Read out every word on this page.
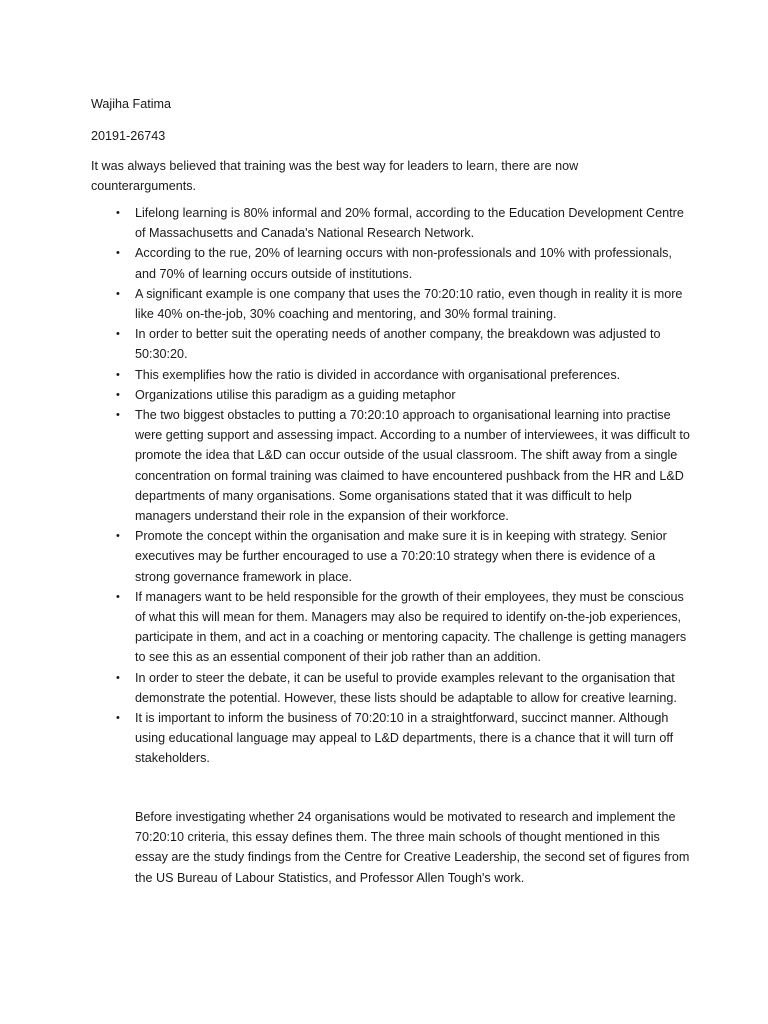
Wajiha Fatima

20191-26743

It was always believed that training was the best way for leaders to learn, there are now counterarguments.

• Lifelong learning is 80% informal and 20% formal, according to the Education Development Centre of Massachusetts and Canada's National Research Network.
• According to the rue, 20% of learning occurs with non-professionals and 10% with professionals, and 70% of learning occurs outside of institutions.
• A significant example is one company that uses the 70:20:10 ratio, even though in reality it is more like 40% on-the-job, 30% coaching and mentoring, and 30% formal training.
• In order to better suit the operating needs of another company, the breakdown was adjusted to 50:30:20.
• This exemplifies how the ratio is divided in accordance with organisational preferences.
• Organizations utilise this paradigm as a guiding metaphor
• The two biggest obstacles to putting a 70:20:10 approach to organisational learning into practise were getting support and assessing impact. According to a number of interviewees, it was difficult to promote the idea that L&D can occur outside of the usual classroom. The shift away from a single concentration on formal training was claimed to have encountered pushback from the HR and L&D departments of many organisations. Some organisations stated that it was difficult to help managers understand their role in the expansion of their workforce.
• Promote the concept within the organisation and make sure it is in keeping with strategy. Senior executives may be further encouraged to use a 70:20:10 strategy when there is evidence of a strong governance framework in place.
• If managers want to be held responsible for the growth of their employees, they must be conscious of what this will mean for them. Managers may also be required to identify on-the-job experiences, participate in them, and act in a coaching or mentoring capacity. The challenge is getting managers to see this as an essential component of their job rather than an addition.
• In order to steer the debate, it can be useful to provide examples relevant to the organisation that demonstrate the potential. However, these lists should be adaptable to allow for creative learning.
• It is important to inform the business of 70:20:10 in a straightforward, succinct manner. Although using educational language may appeal to L&D departments, there is a chance that it will turn off stakeholders.

Before investigating whether 24 organisations would be motivated to research and implement the 70:20:10 criteria, this essay defines them. The three main schools of thought mentioned in this essay are the study findings from the Centre for Creative Leadership, the second set of figures from the US Bureau of Labour Statistics, and Professor Allen Tough's work.
